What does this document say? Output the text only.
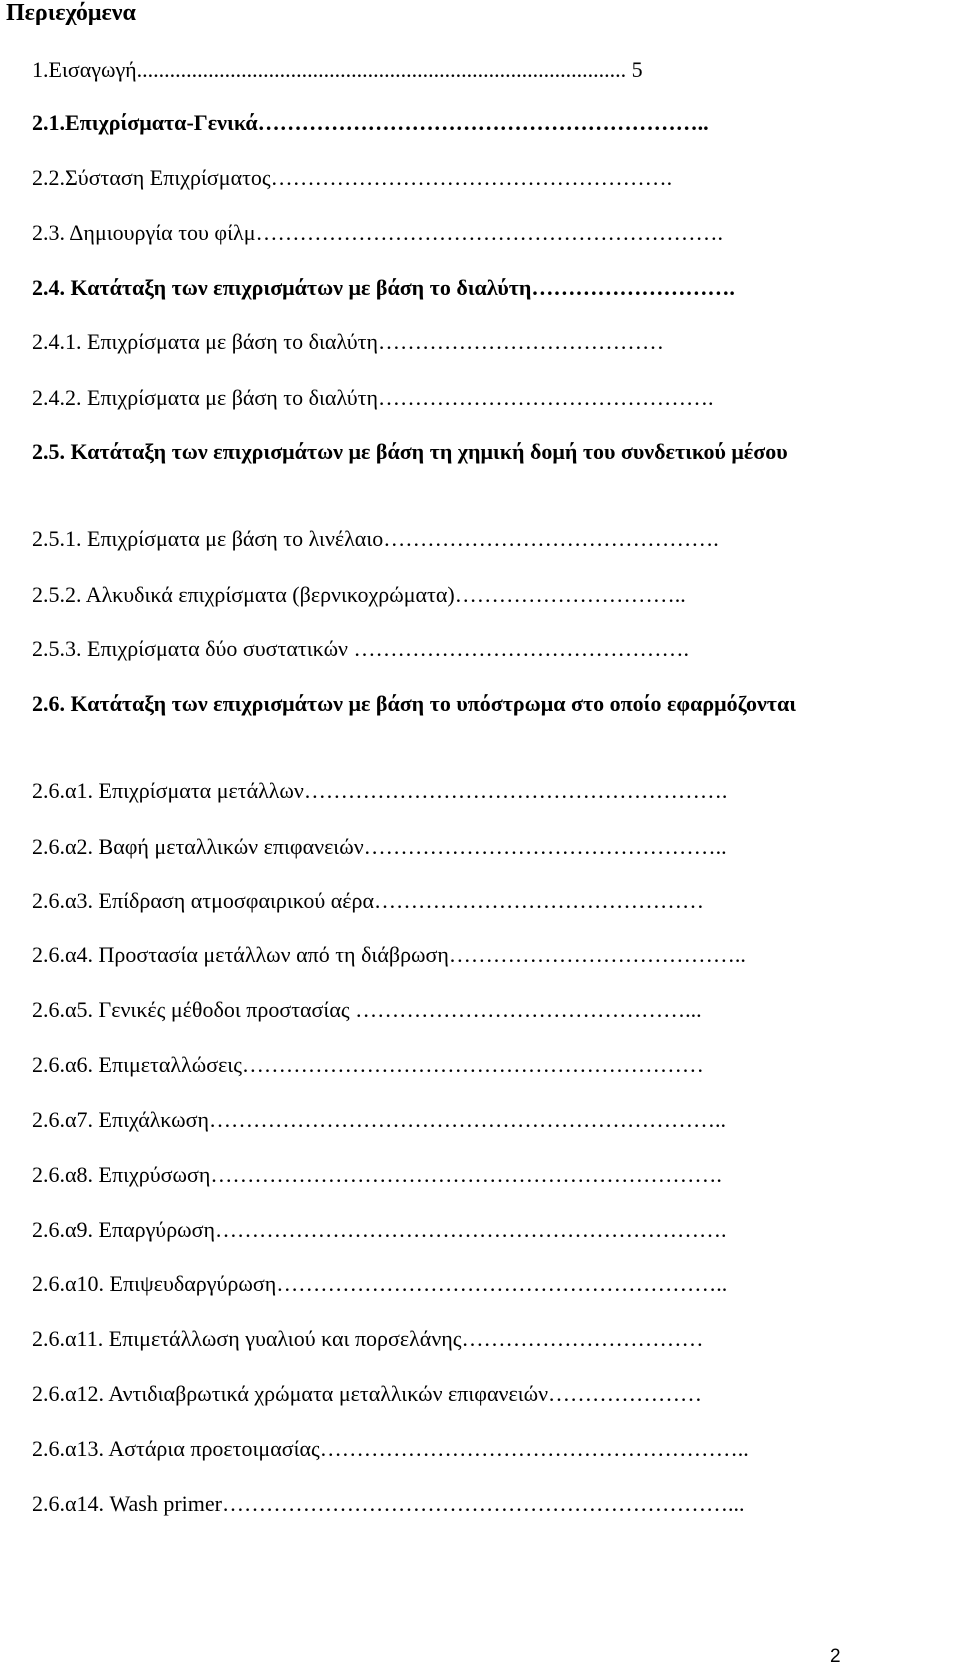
Περιεχόμενα
1.Εισαγωγή......................................................................................... 5
2.1.Επιχρίσματα-Γενικά……………………………………………………..
2.2.Σύσταση Επιχρίσματος……………………………………………….
2.3. Δημιουργία του φίλμ……………………………………………………….
2.4. Κατάταξη των επιχρισμάτων με βάση το διαλύτη……………………….
2.4.1. Επιχρίσματα με βάση το διαλύτη…………………………………
2.4.2. Επιχρίσματα με βάση το διαλύτη……………………………………….
2.5. Κατάταξη των επιχρισμάτων με βάση τη χημική δομή του συνδετικού μέσου
2.5.1. Επιχρίσματα με βάση το λινέλαιο……………………………………….
2.5.2. Αλκυδικά επιχρίσματα (βερνικοχρώματα)…………………………..
2.5.3. Επιχρίσματα δύο συστατικών ……………………………………….
2.6. Κατάταξη των επιχρισμάτων με βάση το υπόστρωμα στο οποίο εφαρμόζονται
2.6.α1. Επιχρίσματα μετάλλων………………………………………………….
2.6.α2. Βαφή μεταλλικών επιφανειών…………………………………………..
2.6.α3. Επίδραση ατμοσφαιρικού αέρα………………………………………
2.6.α4. Προστασία μετάλλων από τη διάβρωση…………………………………..
2.6.α5. Γενικές μέθοδοι προστασίας ………………………………………...
2.6.α6. Επιμεταλλώσεις………………………………………………………
2.6.α7. Επιχάλκωση……………………………………………………………..
2.6.α8. Επιχρύσωση…………………………………………………………….
2.6.α9. Επαργύρωση…………………………………………………………….
2.6.α10. Επιψευδαργύρωση……………………………………………………..
2.6.α11. Επιμετάλλωση γυαλιού και πορσελάνης……………………………
2.6.α12. Αντιδιαβρωτικά χρώματα μεταλλικών επιφανειών…………………
2.6.α13. Αστάρια προετοιμασίας…………………………………………………..
2.6.α14. Wash primer……………………………………………………………...
2
